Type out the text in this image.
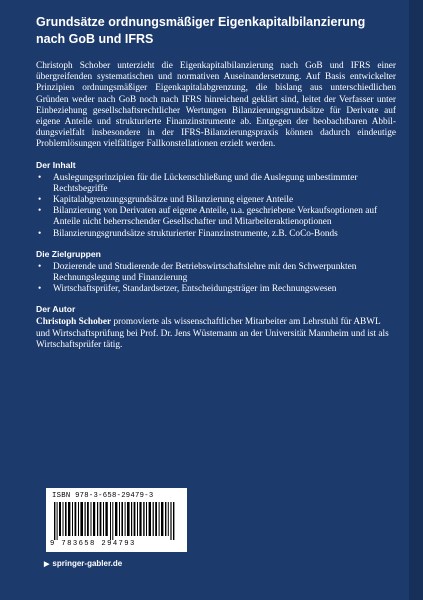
Grundsätze ordnungsmäßiger Eigenkapitalbilanzierung nach GoB und IFRS

Christoph Schober unterzieht die Eigenkapitalbilanzierung nach GoB und IFRS einer übergreifenden systematischen und normativen Auseinandersetzung. Auf Basis entwickelter Prinzipien ordnungsmäßiger Eigenkapitalabgrenzung, die bislang aus unterschiedlichen Gründen weder nach GoB noch nach IFRS hinreichend geklärt sind, leitet der Verfasser unter Einbeziehung gesellschaftsrechtlicher Wertungen Bilanzierungsgrundsätze für Derivate auf eigene Anteile und strukturierte Finanzinstrumente ab. Entgegen der beobachtbaren Abbildungsvielfalt insbesondere in der IFRS-Bilanzierungspraxis können dadurch eindeutige Problemlösungen vielfältiger Fallkonstellationen erzielt werden.

Der Inhalt
• Auslegungsprinzipien für die Lückenschließung und die Auslegung unbestimmter Rechtsbegriffe
• Kapitalabgrenzungsgrundsätze und Bilanzierung eigener Anteile
• Bilanzierung von Derivaten auf eigene Anteile, u.a. geschriebene Verkaufsoptionen auf Anteile nicht beherrschender Gesellschafter und Mitarbeiteraktienoptionen
• Bilanzierungsgrundsätze strukturierter Finanzinstrumente, z.B. CoCo-Bonds
Die Zielgruppen
• Dozierende und Studierende der Betriebswirtschaftslehre mit den Schwerpunkten Rechnungslegung und Finanzierung
• Wirtschaftsprüfer, Standardsetzer, Entscheidungsträger im Rechnungswesen
Der Autor

Christoph Schober promovierte als wissenschaftlicher Mitarbeiter am Lehrstuhl für ABWL und Wirtschaftsprüfung bei Prof. Dr. Jens Wüstemann an der Universität Mannheim und ist als Wirtschaftsprüfer tätig.

ISBN 978-3-658-29479-3
9 783658 294793
▶ springer-gabler.de
